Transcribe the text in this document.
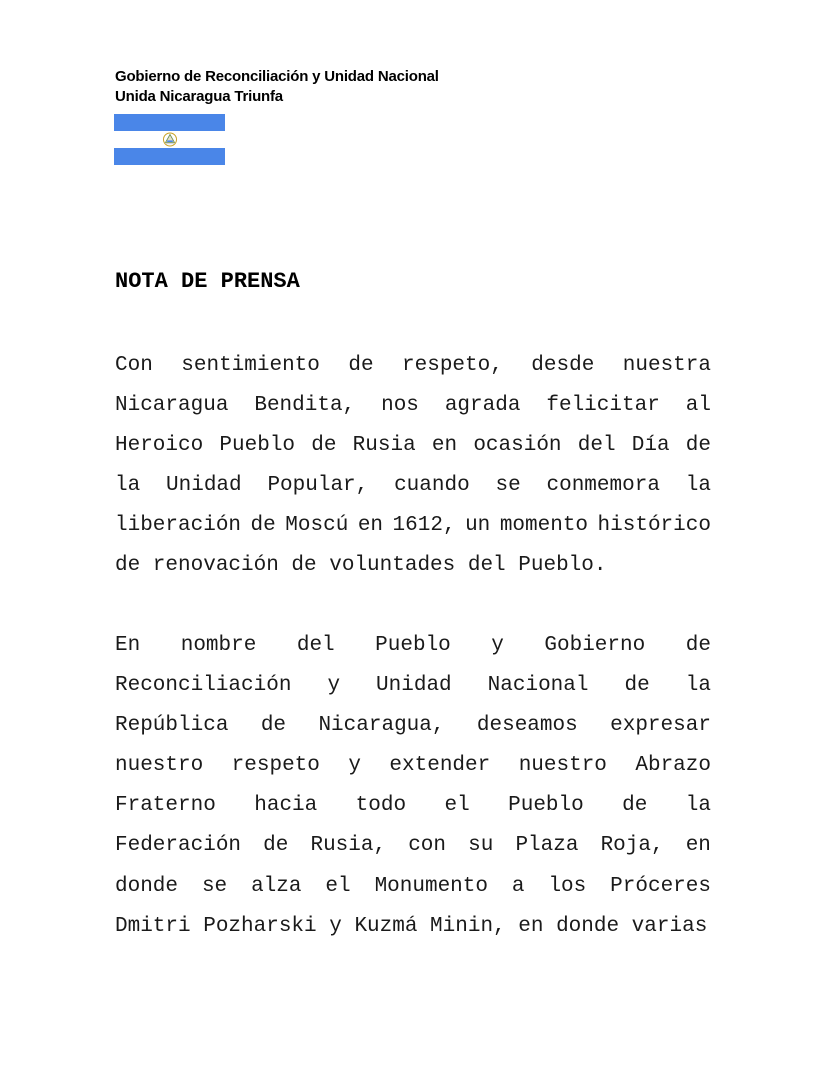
Gobierno de Reconciliación y Unidad Nacional
Unida Nicaragua Triunfa
NOTA DE PRENSA
Con sentimiento de respeto, desde nuestra
Nicaragua Bendita, nos agrada felicitar al
Heroico Pueblo de Rusia en ocasión del Día de
la Unidad Popular, cuando se conmemora la
liberación de Moscú en 1612, un momento histórico
de renovación de voluntades del Pueblo.
En nombre del Pueblo y Gobierno de
Reconciliación y Unidad Nacional de la
República de Nicaragua, deseamos expresar
nuestro respeto y extender nuestro Abrazo
Fraterno hacia todo el Pueblo de la
Federación de Rusia, con su Plaza Roja, en
donde se alza el Monumento a los Próceres
Dmitri Pozharski y Kuzmá Minin, en donde varias
